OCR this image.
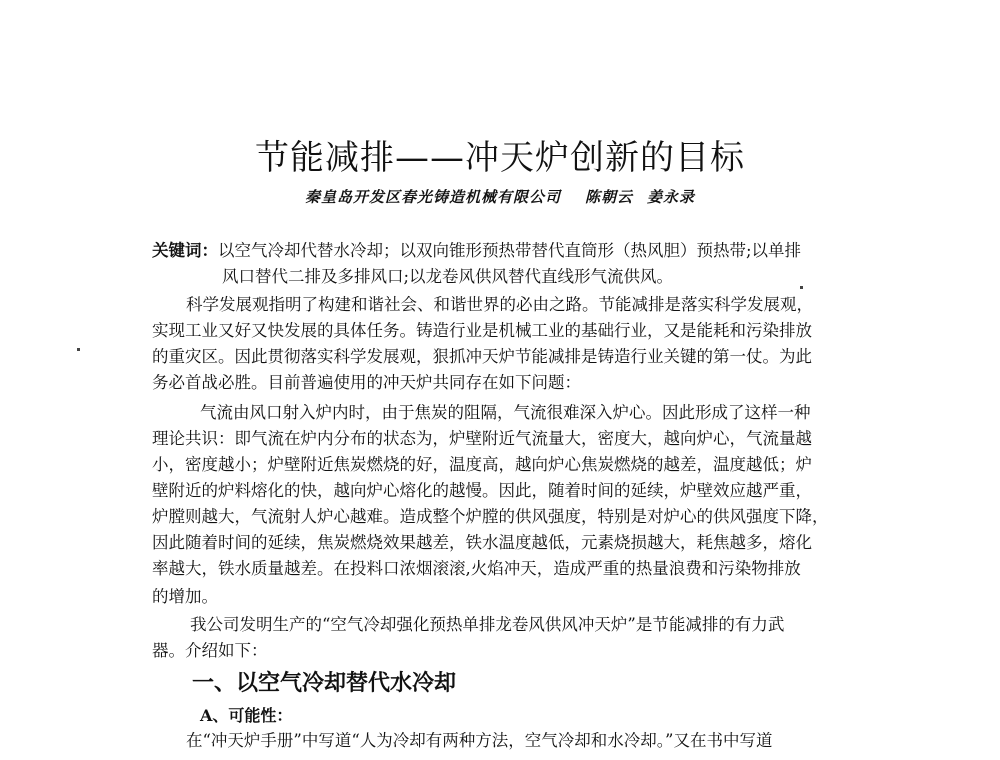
节能减排——冲天炉创新的目标
秦皇岛开发区春光铸造机械有限公司 陈朝云 姜永录
关键词：以空气冷却代替水冷却；以双向锥形预热带替代直筒形（热风胆）预热带;以单排
风口替代二排及多排风口;以龙卷风供风替代直线形气流供风。
科学发展观指明了构建和谐社会、和谐世界的必由之路。节能减排是落实科学发展观，
实现工业又好又快发展的具体任务。铸造行业是机械工业的基础行业，又是能耗和污染排放
的重灾区。因此贯彻落实科学发展观，狠抓冲天炉节能减排是铸造行业关键的第一仗。为此
务必首战必胜。目前普遍使用的冲天炉共同存在如下问题：
气流由风口射入炉内时，由于焦炭的阻隔，气流很难深入炉心。因此形成了这样一种
理论共识：即气流在炉内分布的状态为，炉壁附近气流量大，密度大，越向炉心，气流量越
小，密度越小；炉壁附近焦炭燃烧的好，温度高，越向炉心焦炭燃烧的越差，温度越低；炉
壁附近的炉料熔化的快，越向炉心熔化的越慢。因此，随着时间的延续，炉壁效应越严重，
炉膛则越大，气流射人炉心越难。造成整个炉膛的供风强度，特别是对炉心的供风强度下降，
因此随着时间的延续，焦炭燃烧效果越差，铁水温度越低，元素烧损越大，耗焦越多，熔化
率越大，铁水质量越差。在投料口浓烟滚滚,火焰冲天，造成严重的热量浪费和污染物排放
的增加。
我公司发明生产的“空气冷却强化预热单排龙卷风供风冲天炉”是节能减排的有力武
器。介绍如下：
一、以空气冷却替代水冷却
A、可能性：
在“冲天炉手册”中写道“人为冷却有两种方法，空气冷却和水冷却。”又在书中写道
